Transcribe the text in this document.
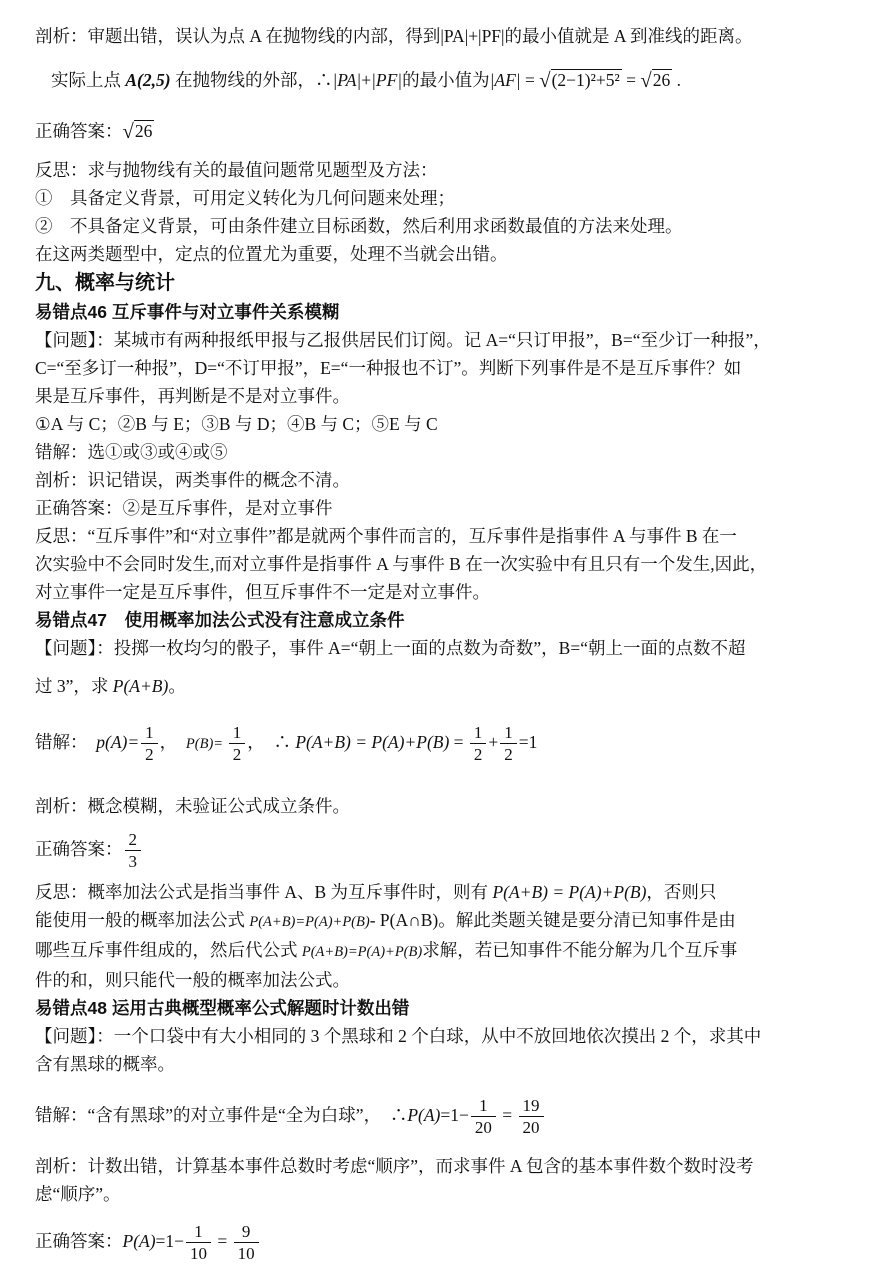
剖析：审题出错，误认为点 A 在抛物线的内部，得到|PA|+|PF|的最小值就是 A 到准线的距离。
实际上点 A(2,5) 在抛物线的外部，∴|PA|+|PF|的最小值为|AF| = √(2−1)²+5² = √26 .
正确答案：√26
反思：求与抛物线有关的最值问题常见题型及方法：
①　具备定义背景，可用定义转化为几何问题来处理；
②　不具备定义背景，可由条件建立目标函数，然后利用求函数最值的方法来处理。
在这两类题型中，定点的位置尤为重要，处理不当就会出错。
九、概率与统计
易错点46 互斥事件与对立事件关系模糊
【问题】：某城市有两种报纸甲报与乙报供居民们订阅。记 A=“只订甲报”，B=“至少订一种报”，
C=“至多订一种报”，D=“不订甲报”，E=“一种报也不订”。判断下列事件是不是互斥事件？如
果是互斥事件，再判断是不是对立事件。
①A 与 C；②B 与 E；③B 与 D；④B 与 C；⑤E 与 C
错解：选①或③或④或⑤
剖析：识记错误，两类事件的概念不清。
正确答案：②是互斥事件，是对立事件
反思：“互斥事件”和“对立事件”都是就两个事件而言的，互斥事件是指事件 A 与事件 B 在一
次实验中不会同时发生,而对立事件是指事件 A 与事件 B 在一次实验中有且只有一个发生,因此，
对立事件一定是互斥事件，但互斥事件不一定是对立事件。
易错点47　使用概率加法公式没有注意成立条件
【问题】：投掷一枚均匀的骰子，事件 A=“朝上一面的点数为奇数”，B=“朝上一面的点数不超
过 3”，求 P(A+B)。
错解：　$p(A)= \frac{1}{2}$ ，　$P(B)= \frac{1}{2}$ ，　∴ $P(A+B) = P(A)+P(B) = \frac{1}{2} + \frac{1}{2} =1$
剖析：概念模糊，未验证公式成立条件。
正确答案： $\frac{2}{3}$
反思：概率加法公式是指当事件 A、B 为互斥事件时，则有 P(A+B) = P(A)+P(B)，否则只
能使用一般的概率加法公式 P(A+B)=P(A)+P(B)- P(A∩B)。解此类题关键是要分清已知事件是由
哪些互斥事件组成的，然后代公式 P(A+B)=P(A)+P(B)求解，若已知事件不能分解为几个互斥事
件的和，则只能代一般的概率加法公式。
易错点48 运用古典概型概率公式解题时计数出错
【问题】：一个口袋中有大小相同的 3 个黑球和 2 个白球，从中不放回地依次摸出 2 个，求其中
含有黑球的概率。
错解：“含有黑球”的对立事件是“全为白球”，　∴P(A)=1− $\frac{1}{20} = \frac{19}{20}$
剖析：计数出错，计算基本事件总数时考虑“顺序”，而求事件 A 包含的基本事件数个数时没考
虑“顺序”。
正确答案：$P(A)=1- \frac{1}{10} = \frac{9}{10}$
